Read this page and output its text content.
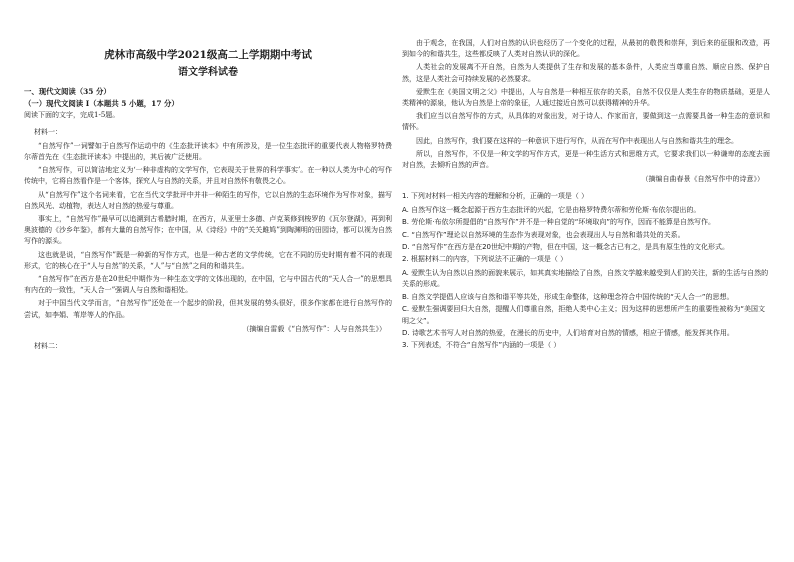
虎林市高级中学2021级高二上学期期中考试
语文学科试卷
一、现代文阅读（35 分）
（一）现代文阅读 I（本题共 5 小题，17 分）
阅读下面的文字，完成1-5题。
材料一：

“自然写作”一词譬如于自然写作运动中的《生态批评读本》中有所涉及，是一位生态批评的重要代表人物格罗特费尔蒂首先在《生态批评读本》中提出的，其后被广泛使用。

“自然写作，可以简洁地定义为‘一种非虚构的文学写作，它表现关于世界的科学事实’。在一种以人类为中心的写作传统中，它将自然看作是一个客体，探究人与自然的关系，并且对自然怀有敬畏之心。

从“自然写作”这个名词来看，它在当代文学批评中并非一种陌生的写作，它以自然的生态环境作为写作对象，描写自然风光、动植物，表达人对自然的热爱与尊重。

事实上，“自然写作”最早可以追溯到古希腊时期，在西方，从亚里士多德、卢克莱修到梭罗的《瓦尔登湖》，再到利奥波德的《沙乡年鉴》，都有大量的自然写作；在中国，从《诗经》中的“关关雎鸠”到陶渊明的田园诗，都可以视为自然写作的源头。

这也就是说，“自然写作”既是一种新的写作方式，也是一种古老的文学传统，它在不同的历史时期有着不同的表现形式，它的核心在于“人与自然”的关系，“人”与“自然”之间的和谐共生。

“自然写作”在西方是在20世纪中期作为一种生态文学的文体出现的，在中国，它与中国古代的“天人合一”的思想具有内在的一致性，“天人合一”强调人与自然和谐相处。

对于中国当代文学而言，“自然写作”还处在一个起步的阶段，但其发展的势头很好，很多作家都在进行自然写作的尝试，如李娟、苇岸等人的作品。

（摘编自雷毅《“自然写作”：人与自然共生》）
材料二：

由于观念，在我国，人们对自然的认识也经历了一个变化的过程，从最初的敬畏和崇拜，到后来的征服和改造，再到如今的和谐共生，这些都反映了人类对自然认识的深化。

人类社会的发展离不开自然，自然为人类提供了生存和发展的基本条件，人类应当尊重自然、顺应自然、保护自然，这是人类社会可持续发展的必然要求。

爱默生在《美国文明之父》中提出，人与自然是一种相互依存的关系，自然不仅仅是人类生存的物质基础，更是人类精神的源泉，他认为自然是上帝的象征，人通过接近自然可以获得精神的升华。

我们应当以自然写作的方式，从具体的对象出发，对于诗人、作家而言，要做到这一点需要具备一种生态的意识和情怀。

因此，自然写作，我们要在这样的一种意识下进行写作，从而在写作中表现出人与自然和谐共生的理念。

所以，自然写作，不仅是一种文学的写作方式，更是一种生活方式和思维方式，它要求我们以一种谦卑的态度去面对自然，去倾听自然的声音。

（摘编自曲春景《自然写作中的诗意》）
1. 下列对材料一相关内容的理解和分析，正确的一项是（ ）
A. 自然写作这一概念起源于西方生态批评的兴起，它是由格罗特费尔蒂和劳伦斯·布依尔提出的。
B. 劳伦斯·布依尔所提倡的“自然写作”并不是一种自觉的“环境取向”的写作，因而不能算是自然写作。
C. “自然写作”理论以自然环境的生态作为表现对象，也会表现出人与自然和谐共处的关系。
D. “自然写作”在西方是在20世纪中期的产物，但在中国，这一概念古已有之，是具有原生性的文化形式。
2. 根据材料二的内容，下列说法不正确的一项是（ ）
A. 爱默生认为自然以自然的面貌来展示，如其真实地描绘了自然，自然文学越来越受到人们的关注，新的生活与自然的关系的形成。
B. 自然文学提倡人应该与自然和谐平等共处，形成生命整体，这种理念符合中国传统的“天人合一”的思想。
C. 爱默生强调要回归大自然，提醒人们尊重自然，拒绝人类中心主义；因为这样的思想所产生的重要性被称为“美国文明之父”。
D. 诗歌艺术书写人对自然的热爱，在漫长的历史中，人们培育对自然的情感，相应于情感，能发挥其作用。
3. 下列表述，不符合“自然写作”内涵的一项是（ ）
